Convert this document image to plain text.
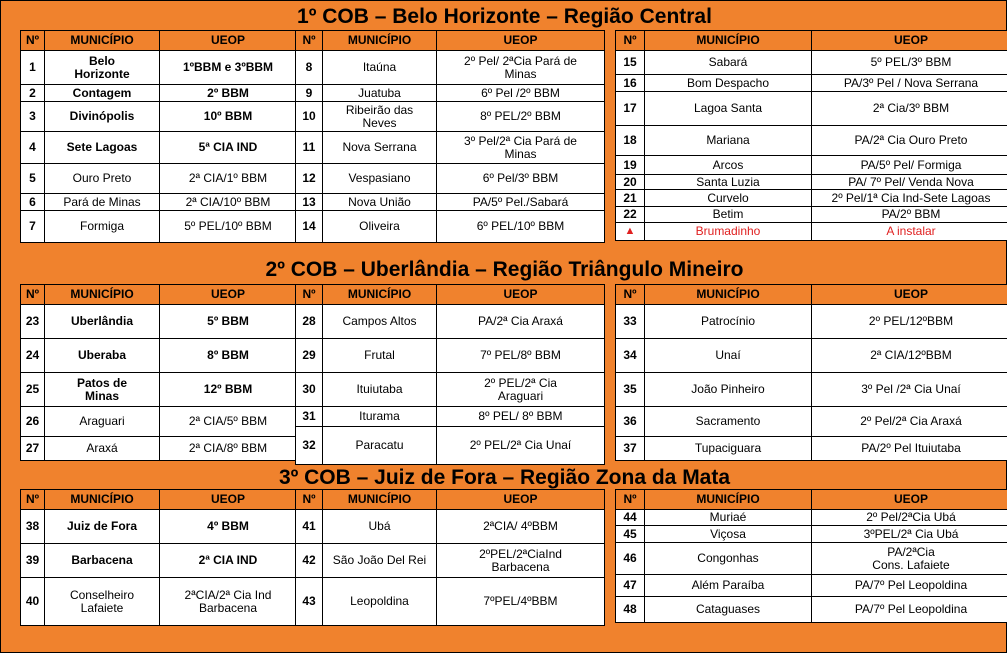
1º COB – Belo Horizonte – Região Central
2º COB – Uberlândia – Região Triângulo Mineiro
3º COB – Juiz de Fora – Região Zona da Mata
Nº	MUNICÍPIO	UEOP
1	Belo
Horizonte	1ºBBM e 3ºBBM
2	Contagem	2º BBM
3	Divinópolis	10º BBM
4	Sete Lagoas	5ª CIA IND
5	Ouro Preto	2ª CIA/1º BBM
6	Pará de Minas	2ª CIA/10º BBM
7	Formiga	5º PEL/10º BBM
Nº	MUNICÍPIO	UEOP
8	Itaúna	2º Pel/ 2ªCia Pará de
Minas
9	Juatuba	6º Pel /2º BBM
10	Ribeirão das
Neves	8º PEL/2º BBM
11	Nova Serrana	3º Pel/2ª Cia Pará de
Minas
12	Vespasiano	6º Pel/3º BBM
13	Nova União	PA/5º Pel./Sabará
14	Oliveira	6º PEL/10º BBM
Nº	MUNICÍPIO	UEOP
15	Sabará	5º PEL/3º BBM
16	Bom Despacho	PA/3º Pel / Nova Serrana
17	Lagoa Santa	2ª Cia/3º BBM
18	Mariana	PA/2ª Cia Ouro Preto
19	Arcos	PA/5º Pel/ Formiga
20	Santa Luzia	PA/ 7º Pel/ Venda Nova
21	Curvelo	2º Pel/1ª Cia Ind-Sete Lagoas
22	Betim	PA/2º BBM
▲	Brumadinho	A instalar
Nº	MUNICÍPIO	UEOP
23	Uberlândia	5º BBM
24	Uberaba	8º BBM
25	Patos de
Minas	12º BBM
26	Araguari	2ª CIA/5º BBM
27	Araxá	2ª CIA/8º BBM
Nº	MUNICÍPIO	UEOP
28	Campos Altos	PA/2ª Cia Araxá
29	Frutal	7º PEL/8º BBM
30	Ituiutaba	2º PEL/2ª Cia
Araguari
31	Iturama	8º PEL/ 8º BBM
32	Paracatu	2º PEL/2ª Cia Unaí
Nº	MUNICÍPIO	UEOP
33	Patrocínio	2º PEL/12ºBBM
34	Unaí	2ª CIA/12ºBBM
35	João Pinheiro	3º Pel /2ª Cia Unaí
36	Sacramento	2º Pel/2ª Cia Araxá
37	Tupaciguara	PA/2º Pel Ituiutaba
Nº	MUNICÍPIO	UEOP
38	Juiz de Fora	4º BBM
39	Barbacena	2ª CIA IND
40	Conselheiro
Lafaiete	2ªCIA/2ª Cia Ind
Barbacena
Nº	MUNICÍPIO	UEOP
41	Ubá	2ªCIA/ 4ºBBM
42	São João Del Rei	2ºPEL/2ªCiaInd
Barbacena
43	Leopoldina	7ºPEL/4ºBBM
Nº	MUNICÍPIO	UEOP
44	Muriaé	2º Pel/2ªCia Ubá
45	Viçosa	3ºPEL/2ª Cia Ubá
46	Congonhas	PA/2ªCia
Cons. Lafaiete
47	Além Paraíba	PA/7º Pel Leopoldina
48	Cataguases	PA/7º Pel Leopoldina
